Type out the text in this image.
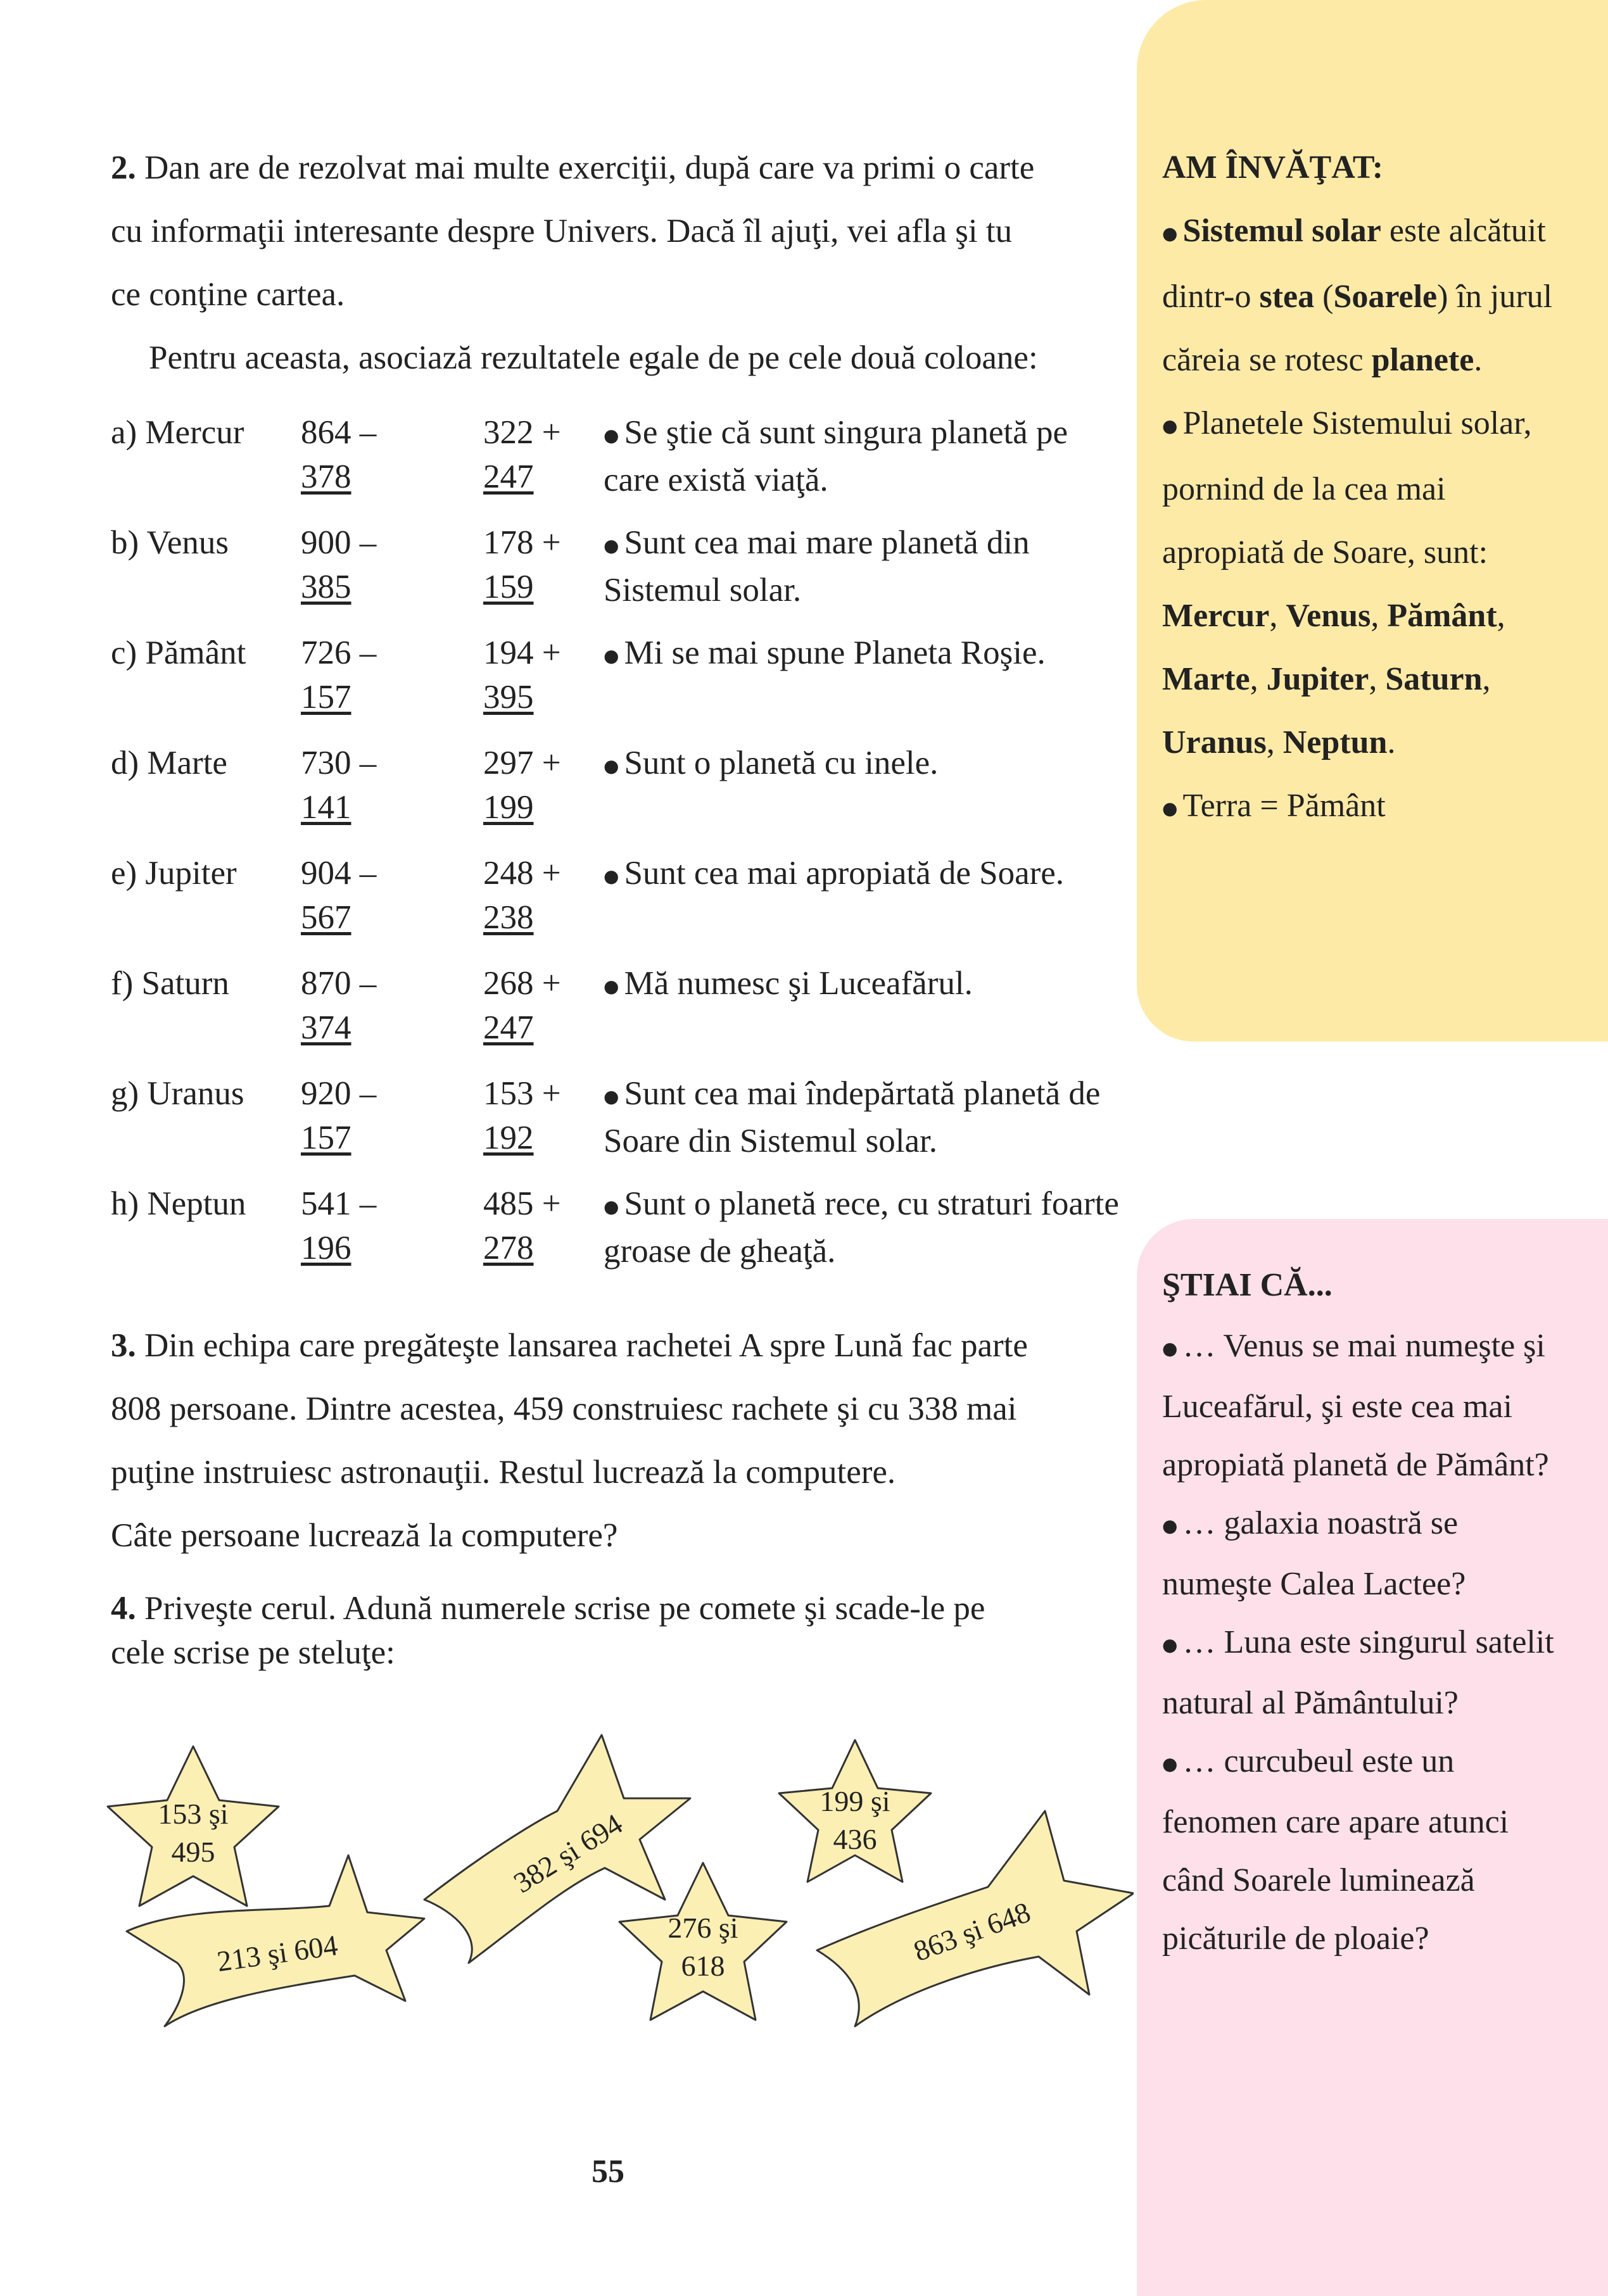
2. Dan are de rezolvat mai multe exerciţii, după care va primi o carte

cu informaţii interesante despre Univers. Dacă îl ajuţi, vei afla şi tu

ce conţine cartea.

Pentru aceasta, asociază rezultatele egale de pe cele două coloane:

a) Mercur 864 –
378
322 +
247
● Se ştie că sunt singura planetă pe care există viaţă.
b) Venus 900 –
385
178 +
159
● Sunt cea mai mare planetă din Sistemul solar.
c) Pământ 726 –
157
194 +
395
● Mi se mai spune Planeta Roşie.
d) Marte 730 –
141
297 +
199
● Sunt o planetă cu inele.
e) Jupiter 904 –
567
248 +
238
● Sunt cea mai apropiată de Soare.
f) Saturn 870 –
374
268 +
247
● Mă numesc şi Luceafărul.
g) Uranus 920 –
157
153 +
192
● Sunt cea mai îndepărtată planetă de Soare din Sistemul solar.
h) Neptun 541 –
196
485 +
278
● Sunt o planetă rece, cu straturi foarte groase de gheaţă.

3. Din echipa care pregăteşte lansarea rachetei A spre Lună fac parte

808 persoane. Dintre acestea, 459 construiesc rachete şi cu 338 mai

puţine instruiesc astronauţii. Restul lucrează la computere.

Câte persoane lucrează la computere?

4. Priveşte cerul. Adună numerele scrise pe comete şi scade-le pe

cele scrise pe steluţe:

153 şi
495
213 şi 604
382 şi 694
199 şi
436
863 şi 648
276 şi
618
55
AM ÎNVĂŢAT:
● Sistemul solar este alcătuit dintr-o stea (Soarele) în jurul căreia se rotesc planete.
● Planetele Sistemului solar, pornind de la cea mai apropiată de Soare, sunt: Mercur, Venus, Pământ, Marte, Jupiter, Saturn, Uranus, Neptun.
● Terra = Pământ
ŞTIAI CĂ...
● … Venus se mai numeşte şi Luceafărul, şi este cea mai apropiată planetă de Pământ?
● … galaxia noastră se numeşte Calea Lactee?
● … Luna este singurul satelit natural al Pământului?
● … curcubeul este un fenomen care apare atunci când Soarele luminează picăturile de ploaie?
